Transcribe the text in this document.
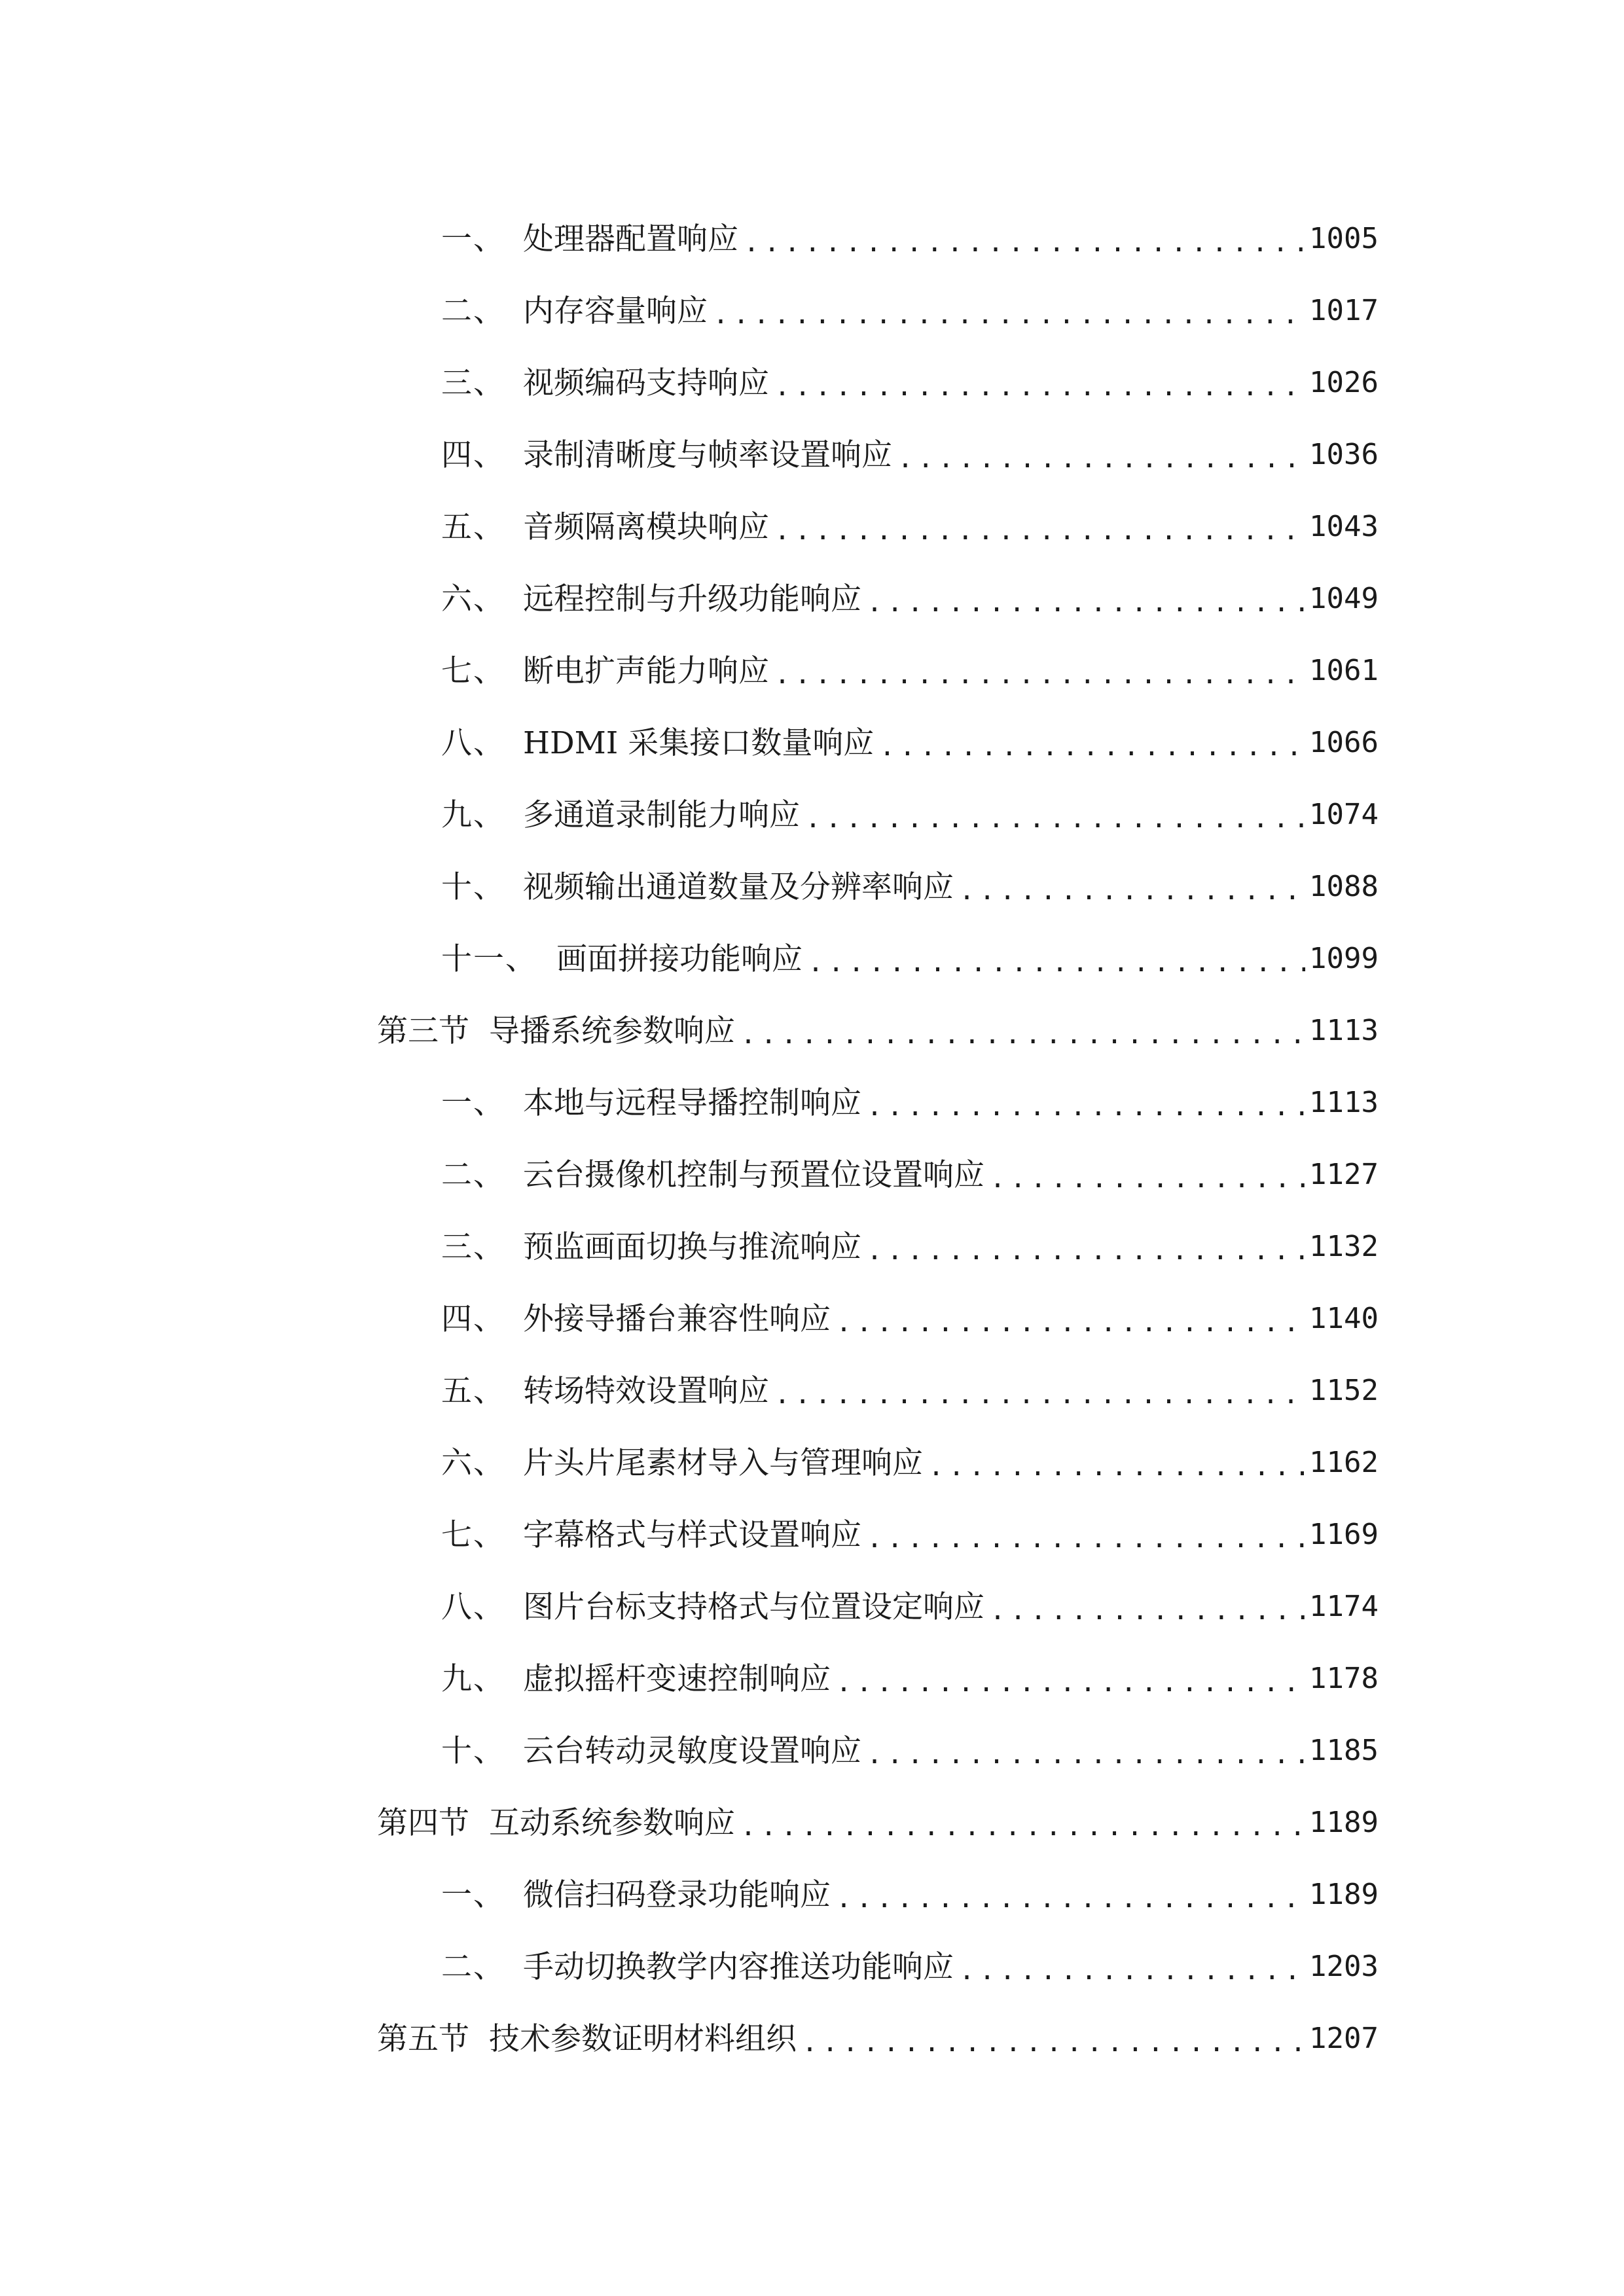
一、 处理器配置响应 .....	1005
二、 内存容量响应 .....	1017
三、 视频编码支持响应 .....	1026
四、 录制清晰度与帧率设置响应 .....	1036
五、 音频隔离模块响应 .....	1043
六、 远程控制与升级功能响应 .....	1049
七、 断电扩声能力响应 .....	1061
八、 HDMI 采集接口数量响应 .....	1066
九、 多通道录制能力响应 .....	1074
十、 视频输出通道数量及分辨率响应 .....	1088
十一、 画面拼接功能响应 .....	1099
第三节 导播系统参数响应 .....	1113
一、 本地与远程导播控制响应 .....	1113
二、 云台摄像机控制与预置位设置响应 .....	1127
三、 预监画面切换与推流响应 .....	1132
四、 外接导播台兼容性响应 .....	1140
五、 转场特效设置响应 .....	1152
六、 片头片尾素材导入与管理响应 .....	1162
七、 字幕格式与样式设置响应 .....	1169
八、 图片台标支持格式与位置设定响应 .....	1174
九、 虚拟摇杆变速控制响应 .....	1178
十、 云台转动灵敏度设置响应 .....	1185
第四节 互动系统参数响应 .....	1189
一、 微信扫码登录功能响应 .....	1189
二、 手动切换教学内容推送功能响应 .....	1203
第五节 技术参数证明材料组织 .....	1207
